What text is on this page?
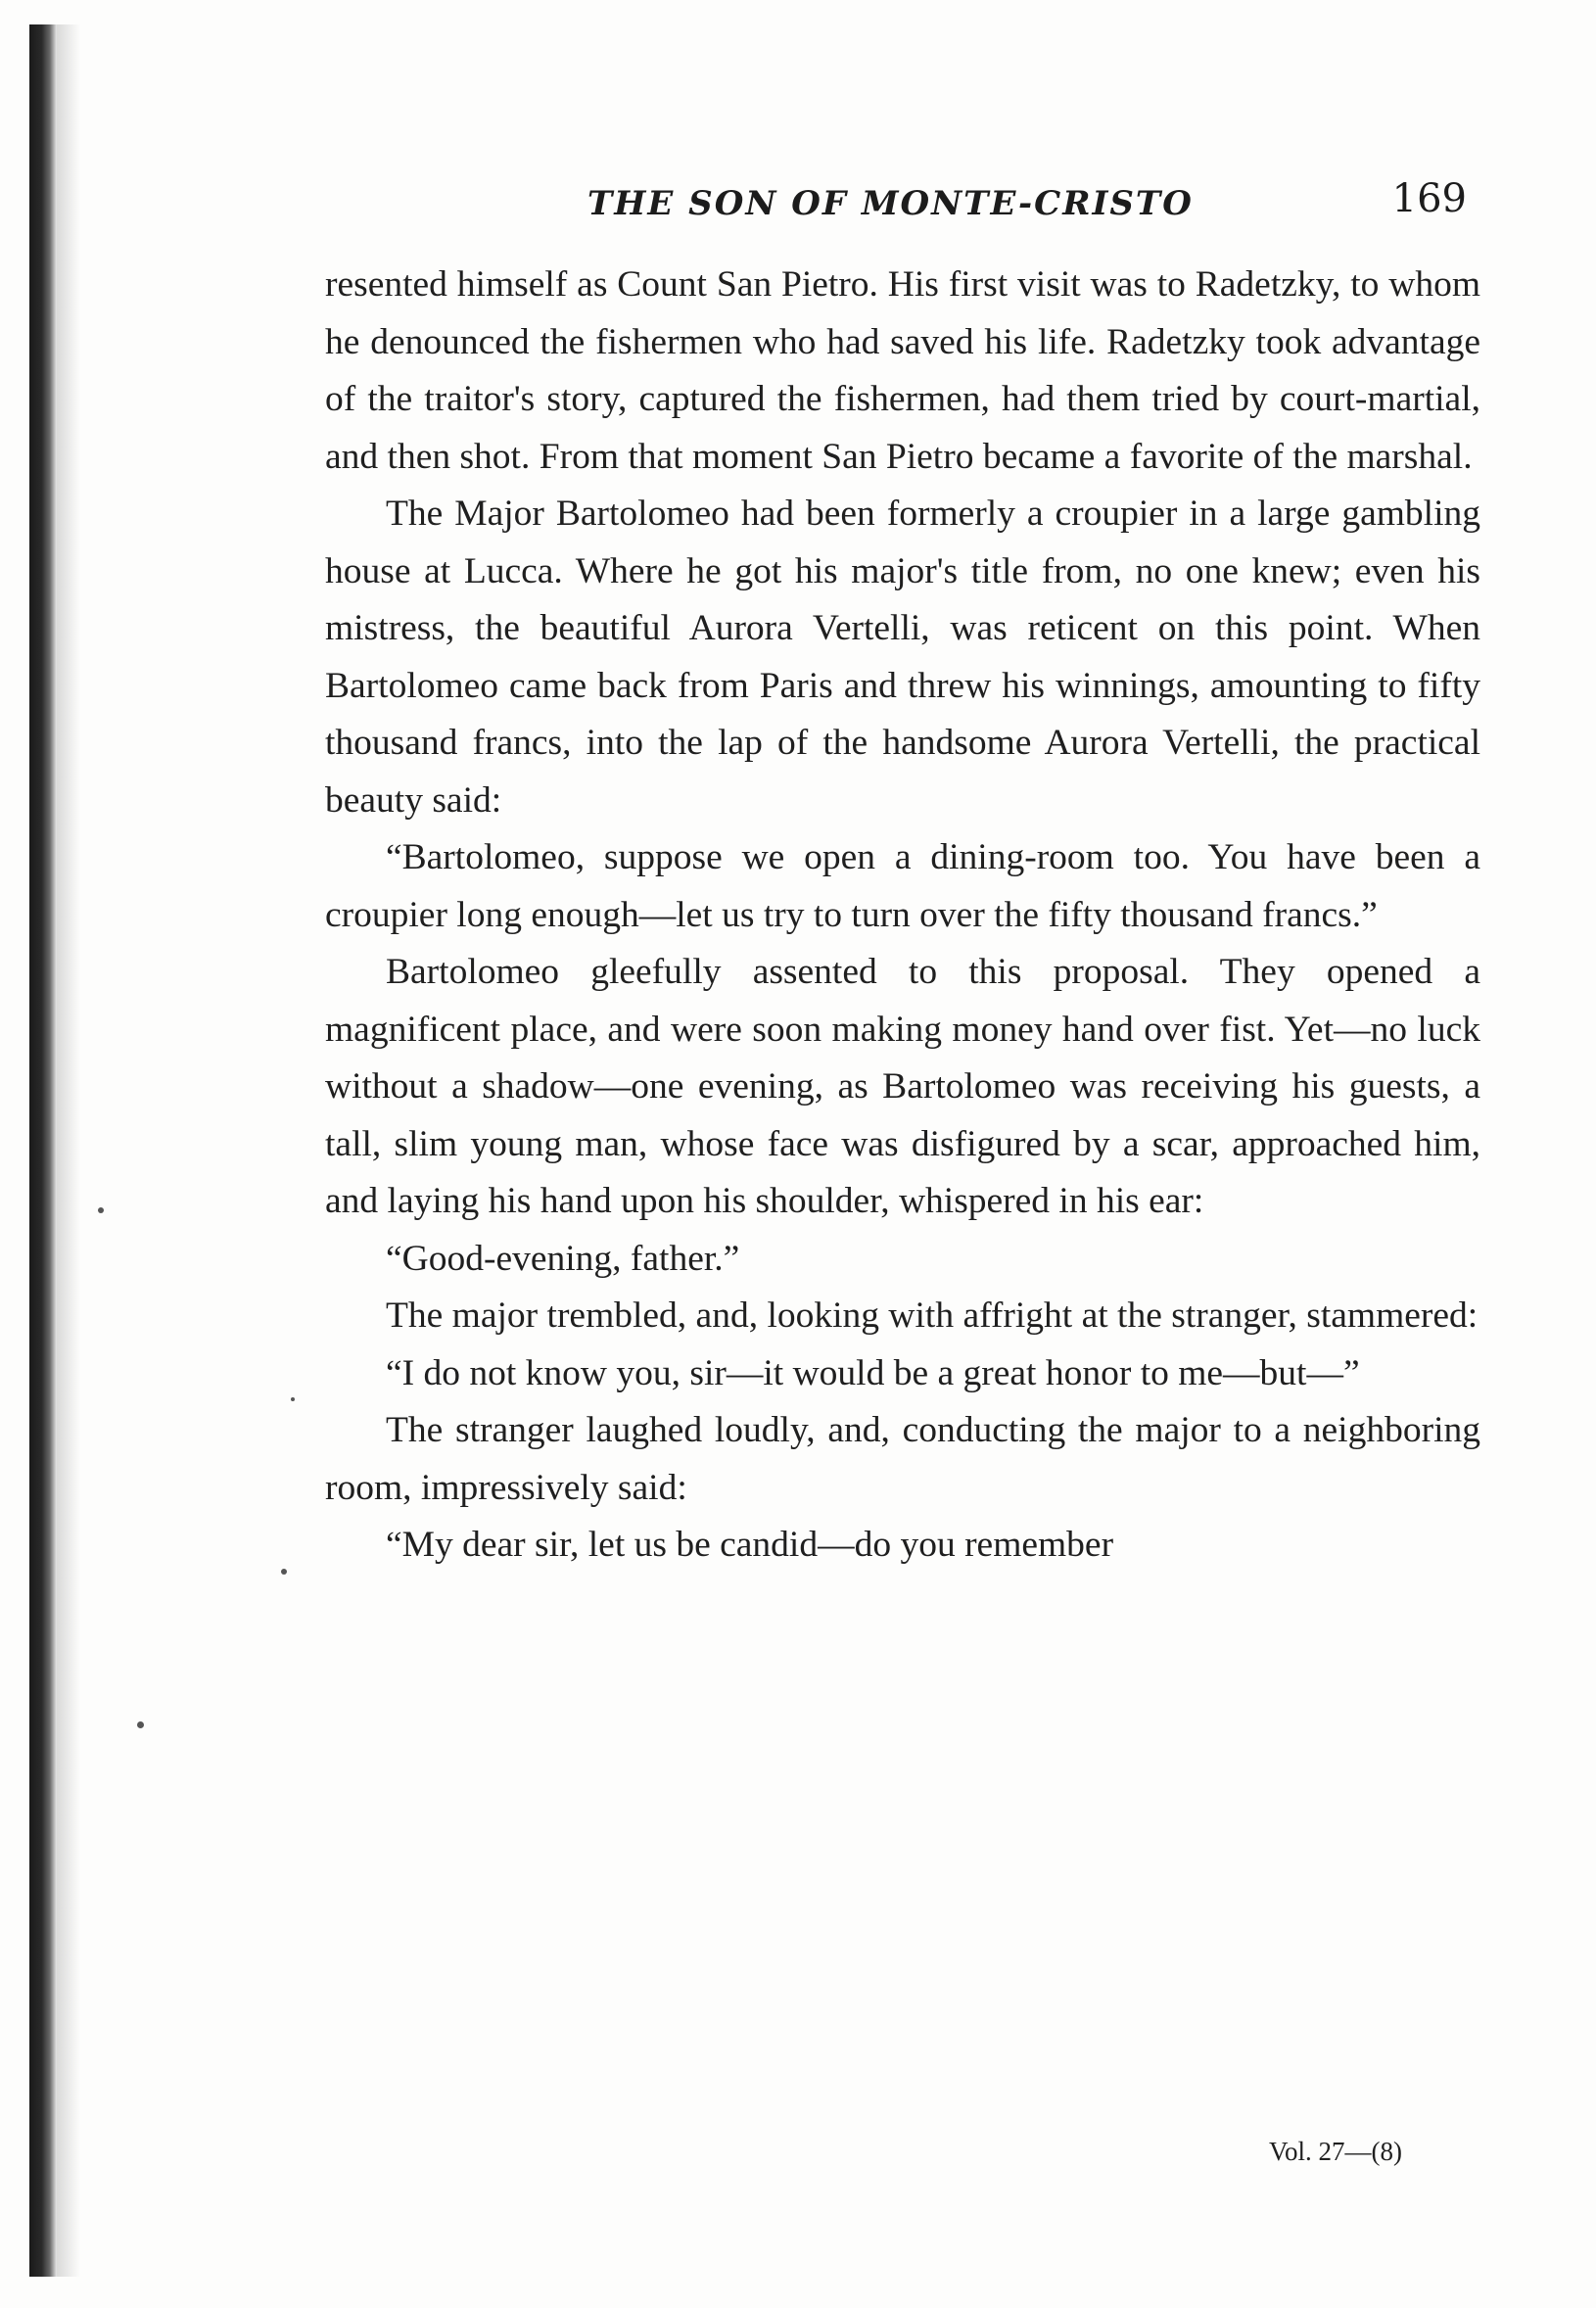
THE SON OF MONTE-CRISTO	169

resented himself as Count San Pietro. His first visit was to Radetzky, to whom he denounced the fishermen who had saved his life. Radetzky took advantage of the traitor's story, captured the fishermen, had them tried by court-martial, and then shot. From that moment San Pietro became a favorite of the marshal.

The Major Bartolomeo had been formerly a croupier in a large gambling house at Lucca. Where he got his major's title from, no one knew; even his mistress, the beautiful Aurora Vertelli, was reticent on this point. When Bartolomeo came back from Paris and threw his winnings, amounting to fifty thousand francs, into the lap of the handsome Aurora Vertelli, the practical beauty said:

“Bartolomeo, suppose we open a dining-room too. You have been a croupier long enough—let us try to turn over the fifty thousand francs.”

Bartolomeo gleefully assented to this proposal. They opened a magnificent place, and were soon making money hand over fist. Yet—no luck without a shadow—one evening, as Bartolomeo was receiving his guests, a tall, slim young man, whose face was disfigured by a scar, approached him, and laying his hand upon his shoulder, whispered in his ear:

“Good-evening, father.”

The major trembled, and, looking with affright at the stranger, stammered:

“I do not know you, sir—it would be a great honor to me—but—”

The stranger laughed loudly, and, conducting the major to a neighboring room, impressively said:

“My dear sir, let us be candid—do you remember

Vol. 27—(8)
